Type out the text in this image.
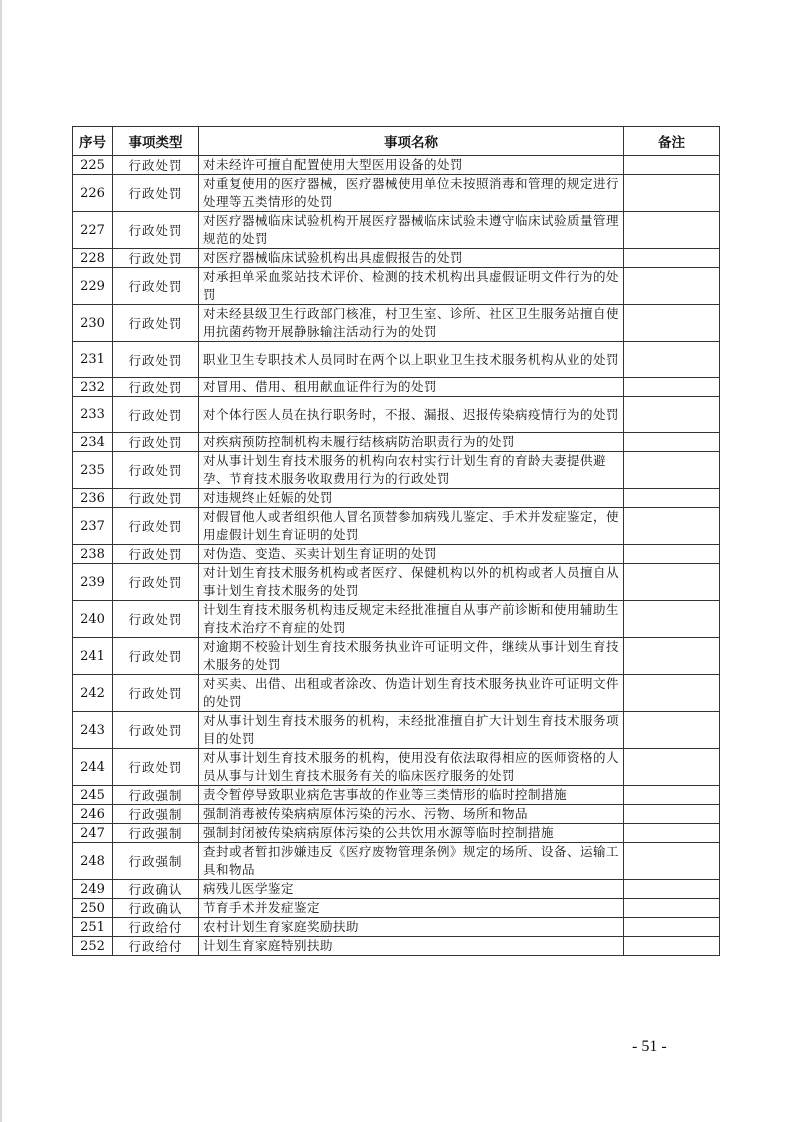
序号	事项类型	事项名称	备注
225	行政处罚	对未经许可擅自配置使用大型医用设备的处罚	
226	行政处罚	对重复使用的医疗器械，医疗器械使用单位未按照消毒和管理的规定进行处理等五类情形的处罚	
227	行政处罚	对医疗器械临床试验机构开展医疗器械临床试验未遵守临床试验质量管理规范的处罚	
228	行政处罚	对医疗器械临床试验机构出具虚假报告的处罚	
229	行政处罚	对承担单采血浆站技术评价、检测的技术机构出具虚假证明文件行为的处罚	
230	行政处罚	对未经县级卫生行政部门核准，村卫生室、诊所、社区卫生服务站擅自使用抗菌药物开展静脉输注活动行为的处罚	
231	行政处罚	职业卫生专职技术人员同时在两个以上职业卫生技术服务机构从业的处罚	
232	行政处罚	对冒用、借用、租用献血证件行为的处罚	
233	行政处罚	对个体行医人员在执行职务时，不报、漏报、迟报传染病疫情行为的处罚	
234	行政处罚	对疾病预防控制机构未履行结核病防治职责行为的处罚	
235	行政处罚	对从事计划生育技术服务的机构向农村实行计划生育的育龄夫妻提供避孕、节育技术服务收取费用行为的行政处罚	
236	行政处罚	对违规终止妊娠的处罚	
237	行政处罚	对假冒他人或者组织他人冒名顶替参加病残儿鉴定、手术并发症鉴定，使用虚假计划生育证明的处罚	
238	行政处罚	对伪造、变造、买卖计划生育证明的处罚	
239	行政处罚	对计划生育技术服务机构或者医疗、保健机构以外的机构或者人员擅自从事计划生育技术服务的处罚	
240	行政处罚	计划生育技术服务机构违反规定未经批准擅自从事产前诊断和使用辅助生育技术治疗不育症的处罚	
241	行政处罚	对逾期不校验计划生育技术服务执业许可证明文件，继续从事计划生育技术服务的处罚	
242	行政处罚	对买卖、出借、出租或者涂改、伪造计划生育技术服务执业许可证明文件的处罚	
243	行政处罚	对从事计划生育技术服务的机构，未经批准擅自扩大计划生育技术服务项目的处罚	
244	行政处罚	对从事计划生育技术服务的机构，使用没有依法取得相应的医师资格的人员从事与计划生育技术服务有关的临床医疗服务的处罚	
245	行政强制	责令暂停导致职业病危害事故的作业等三类情形的临时控制措施	
246	行政强制	强制消毒被传染病病原体污染的污水、污物、场所和物品	
247	行政强制	强制封闭被传染病病原体污染的公共饮用水源等临时控制措施	
248	行政强制	查封或者暂扣涉嫌违反《医疗废物管理条例》规定的场所、设备、运输工具和物品	
249	行政确认	病残儿医学鉴定	
250	行政确认	节育手术并发症鉴定	
251	行政给付	农村计划生育家庭奖励扶助	
252	行政给付	计划生育家庭特别扶助	
- 51 -
